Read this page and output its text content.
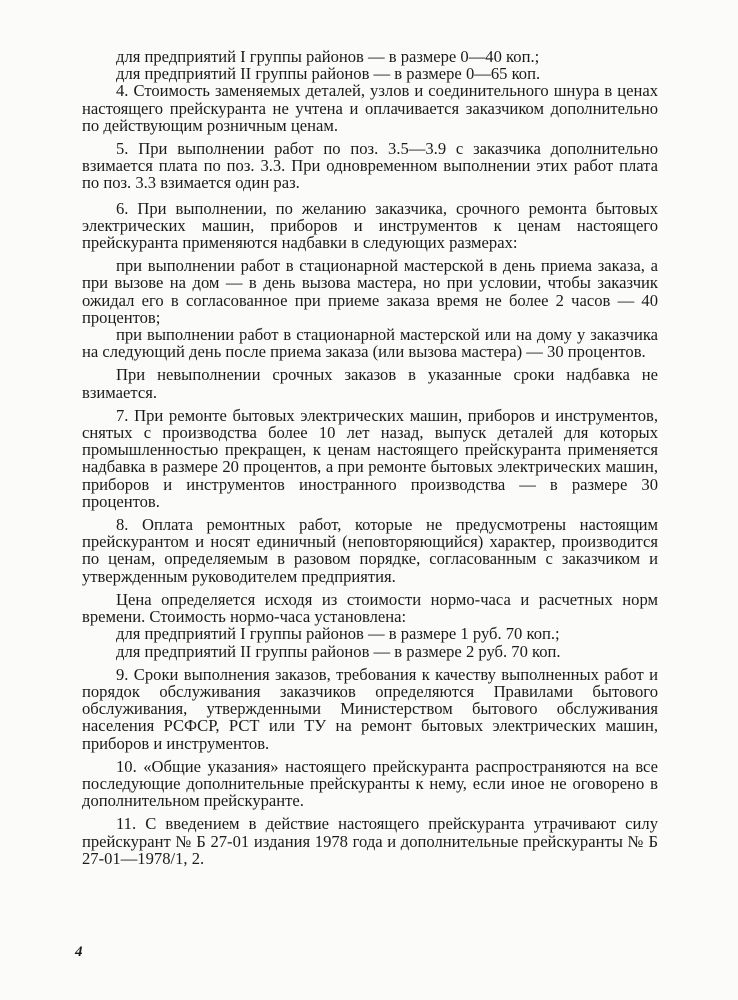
для предприятий I группы районов — в размере 0—40 коп.;

для предприятий II группы районов — в размере 0—65 коп.

4. Стоимость заменяемых деталей, узлов и соединительного шнура в ценах настоящего прейскуранта не учтена и оплачивается заказчиком дополнительно по действующим розничным ценам.

5. При выполнении работ по поз. 3.5—3.9 с заказчика дополнительно взимается плата по поз. 3.3. При одновременном выполнении этих работ плата по поз. 3.3 взимается один раз.

6. При выполнении, по желанию заказчика, срочного ремонта бытовых электрических машин, приборов и инструментов к ценам настоящего прейскуранта применяются надбавки в следующих размерах:

при выполнении работ в стационарной мастерской в день приема заказа, а при вызове на дом — в день вызова мастера, но при условии, чтобы заказчик ожидал его в согласованное при приеме заказа время не более 2 часов — 40 процентов;

при выполнении работ в стационарной мастерской или на дому у заказчика на следующий день после приема заказа (или вызова мастера) — 30 процентов.

При невыполнении срочных заказов в указанные сроки надбавка не взимается.

7. При ремонте бытовых электрических машин, приборов и инструментов, снятых с производства более 10 лет назад, выпуск деталей для которых промышленностью прекращен, к ценам настоящего прейскуранта применяется надбавка в размере 20 процентов, а при ремонте бытовых электрических машин, приборов и инструментов иностранного производства — в размере 30 процентов.

8. Оплата ремонтных работ, которые не предусмотрены настоящим прейскурантом и носят единичный (неповторяющийся) характер, производится по ценам, определяемым в разовом порядке, согласованным с заказчиком и утвержденным руководителем предприятия.

Цена определяется исходя из стоимости нормо-часа и расчетных норм времени. Стоимость нормо-часа установлена:

для предприятий I группы районов — в размере 1 руб. 70 коп.;

для предприятий II группы районов — в размере 2 руб. 70 коп.

9. Сроки выполнения заказов, требования к качеству выполненных работ и порядок обслуживания заказчиков определяются Правилами бытового обслуживания, утвержденными Министерством бытового обслуживания населения РСФСР, РСТ или ТУ на ремонт бытовых электрических машин, приборов и инструментов.

10. «Общие указания» настоящего прейскуранта распространяются на все последующие дополнительные прейскуранты к нему, если иное не оговорено в дополнительном прейскуранте.

11. С введением в действие настоящего прейскуранта утрачивают силу прейскурант № Б 27-01 издания 1978 года и дополнительные прейскуранты № Б 27-01—1978/1, 2.

4
